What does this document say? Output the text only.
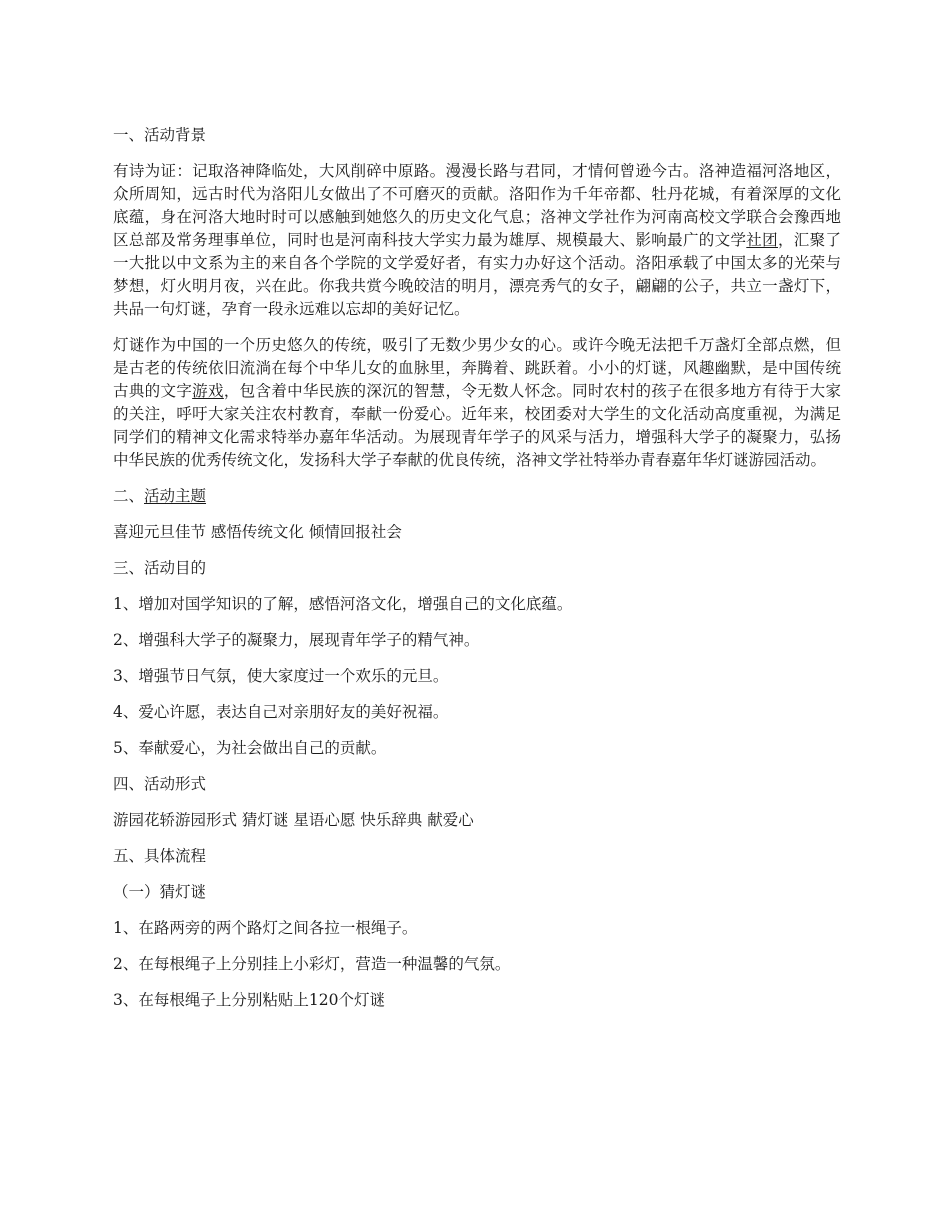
一、活动背景
有诗为证：记取洛神降临处，大风削碎中原路。漫漫长路与君同，才情何曾逊今古。洛神造福河洛地区，众所周知，远古时代为洛阳儿女做出了不可磨灭的贡献。洛阳作为千年帝都、牡丹花城，有着深厚的文化底蕴，身在河洛大地时时可以感触到她悠久的历史文化气息；洛神文学社作为河南高校文学联合会豫西地区总部及常务理事单位，同时也是河南科技大学实力最为雄厚、规模最大、影响最广的文学社团，汇聚了一大批以中文系为主的来自各个学院的文学爱好者，有实力办好这个活动。洛阳承载了中国太多的光荣与梦想，灯火明月夜，兴在此。你我共赏今晚皎洁的明月，漂亮秀气的女子，翩翩的公子，共立一盏灯下，共品一句灯谜，孕育一段永远难以忘却的美好记忆。
灯谜作为中国的一个历史悠久的传统，吸引了无数少男少女的心。或许今晚无法把千万盏灯全部点燃，但是古老的传统依旧流淌在每个中华儿女的血脉里，奔腾着、跳跃着。小小的灯谜，风趣幽默，是中国传统古典的文字游戏，包含着中华民族的深沉的智慧，令无数人怀念。同时农村的孩子在很多地方有待于大家的关注，呼吁大家关注农村教育，奉献一份爱心。近年来，校团委对大学生的文化活动高度重视，为满足同学们的精神文化需求特举办嘉年华活动。为展现青年学子的风采与活力，增强科大学子的凝聚力，弘扬中华民族的优秀传统文化，发扬科大学子奉献的优良传统，洛神文学社特举办青春嘉年华灯谜游园活动。
二、活动主题
喜迎元旦佳节 感悟传统文化 倾情回报社会
三、活动目的
1、增加对国学知识的了解，感悟河洛文化，增强自己的文化底蕴。
2、增强科大学子的凝聚力，展现青年学子的精气神。
3、增强节日气氛，使大家度过一个欢乐的元旦。
4、爱心许愿，表达自己对亲朋好友的美好祝福。
5、奉献爱心，为社会做出自己的贡献。
四、活动形式
游园花轿游园形式 猜灯谜 星语心愿 快乐辞典 献爱心
五、具体流程
（一）猜灯谜
1、在路两旁的两个路灯之间各拉一根绳子。
2、在每根绳子上分别挂上小彩灯，营造一种温馨的气氛。
3、在每根绳子上分别粘贴上120个灯谜
